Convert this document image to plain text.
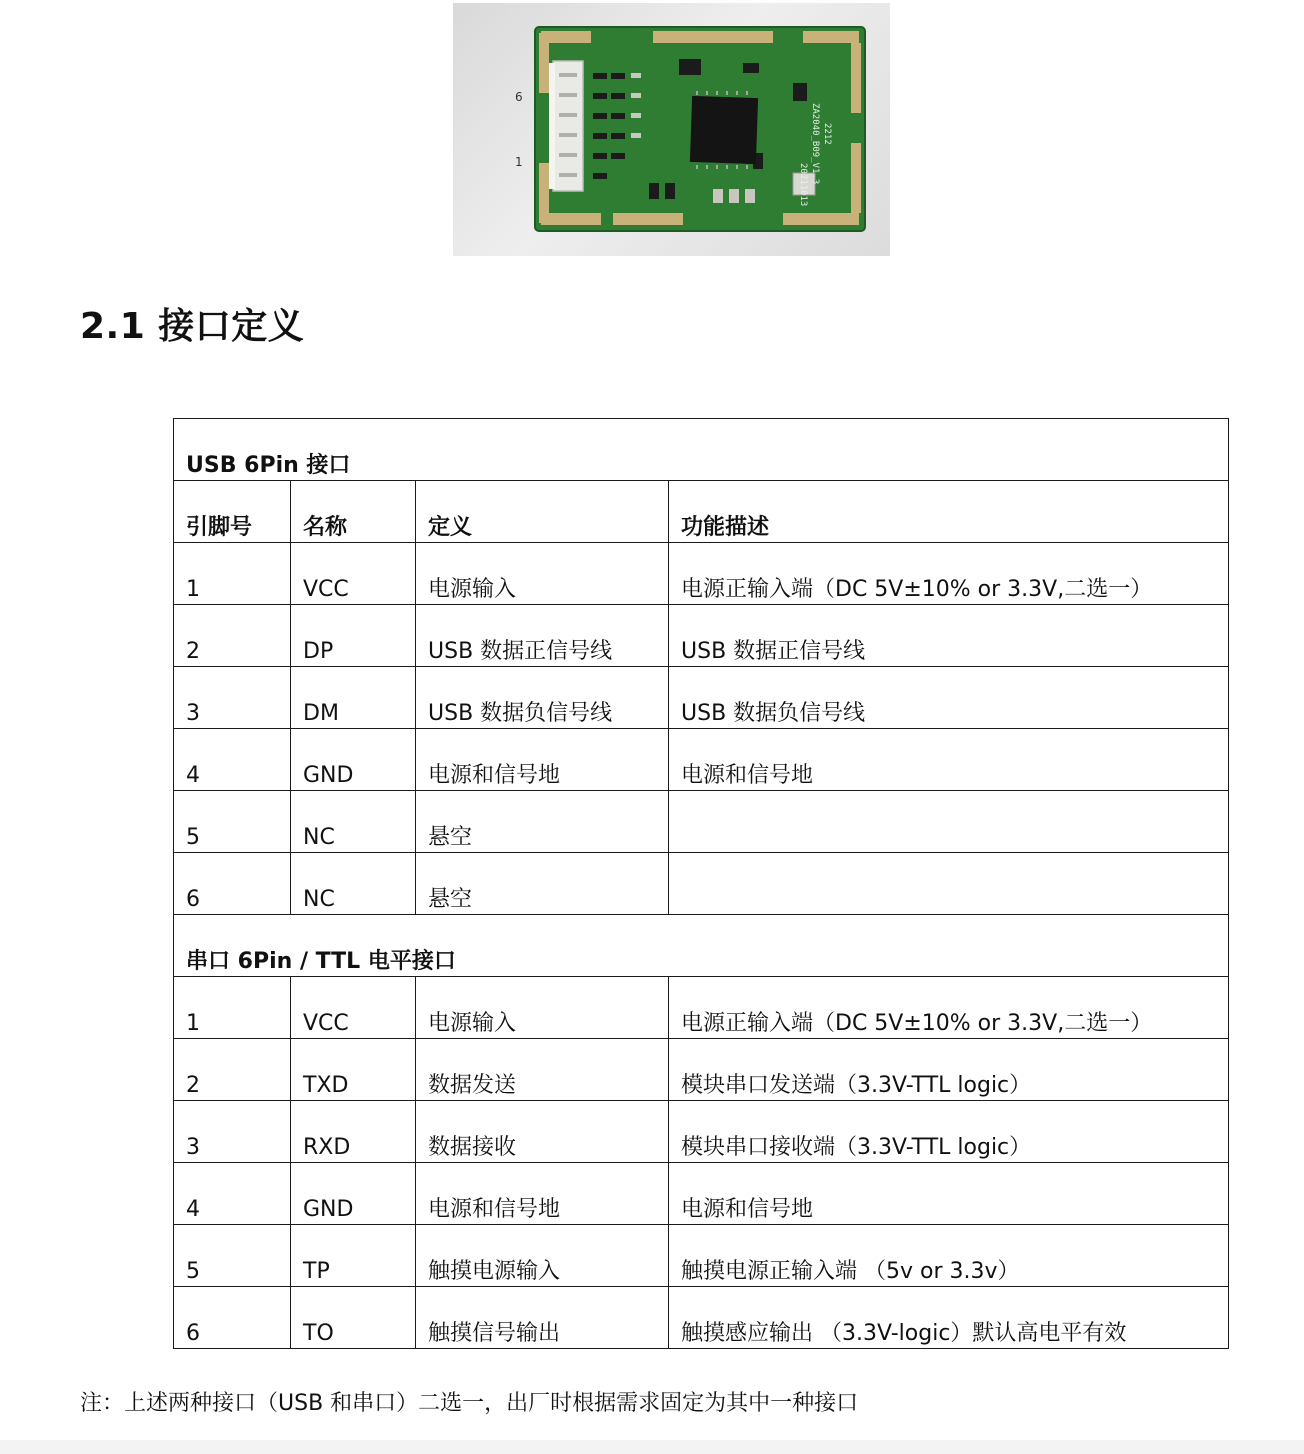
2212
ZA2040_B09_V1.3
20211013
6
1
2.1 接口定义
USB 6Pin 接口			
引脚号	名称	定义	功能描述
1	VCC	电源输入	电源正输入端（DC 5V±10% or 3.3V,二选一）
2	DP	USB 数据正信号线	USB 数据正信号线
3	DM	USB 数据负信号线	USB 数据负信号线
4	GND	电源和信号地	电源和信号地
5	NC	悬空	
6	NC	悬空	
串口 6Pin / TTL 电平接口			
1	VCC	电源输入	电源正输入端（DC 5V±10% or 3.3V,二选一）
2	TXD	数据发送	模块串口发送端（3.3V-TTL logic）
3	RXD	数据接收	模块串口接收端（3.3V-TTL logic）
4	GND	电源和信号地	电源和信号地
5	TP	触摸电源输入	触摸电源正输入端 （5v or 3.3v）
6	TO	触摸信号输出	触摸感应输出 （3.3V-logic）默认高电平有效

注：上述两种接口（USB 和串口）二选一，出厂时根据需求固定为其中一种接口
